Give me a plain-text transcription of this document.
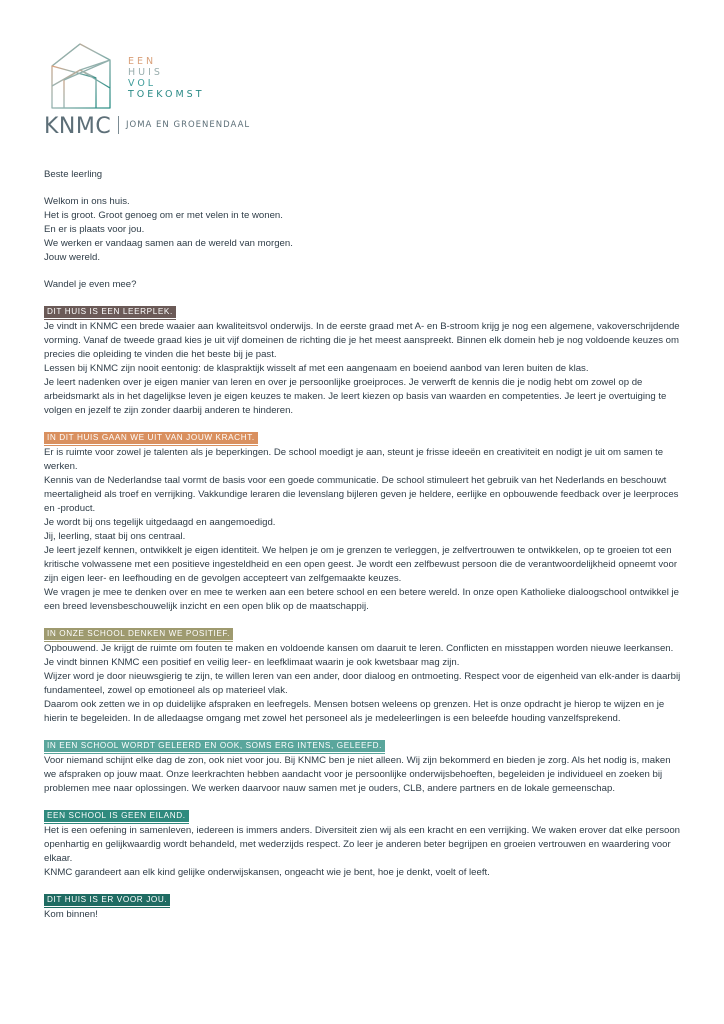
EEN
HUIS
VOL
TOEKOMST
KNMC JOMA EN GROENENDAAL

Beste leerling

Welkom in ons huis.

Het is groot. Groot genoeg om er met velen in te wonen.

En er is plaats voor jou.

We werken er vandaag samen aan de wereld van morgen.

Jouw wereld.

Wandel je even mee?

DIT HUIS IS EEN LEERPLEK.

Je vindt in KNMC een brede waaier aan kwaliteitsvol onderwijs. In de eerste graad met A- en B-stroom krijg je nog een algemene, vakoverschrijdende vorming. Vanaf de tweede graad kies je uit vijf domeinen de richting die je het meest aanspreekt. Binnen elk domein heb je nog voldoende keuzes om precies die opleiding te vinden die het beste bij je past.

Lessen bij KNMC zijn nooit eentonig: de klaspraktijk wisselt af met een aangenaam en boeiend aanbod van leren buiten de klas.

Je leert nadenken over je eigen manier van leren en over je persoonlijke groeiproces. Je verwerft de kennis die je nodig hebt om zowel op de arbeidsmarkt als in het dagelijkse leven je eigen keuzes te maken. Je leert kiezen op basis van waarden en competenties. Je leert je overtuiging te volgen en jezelf te zijn zonder daarbij anderen te hinderen.

IN DIT HUIS GAAN WE UIT VAN JOUW KRACHT.

Er is ruimte voor zowel je talenten als je beperkingen. De school moedigt je aan, steunt je frisse ideeën en creativiteit en nodigt je uit om samen te werken.

Kennis van de Nederlandse taal vormt de basis voor een goede communicatie. De school stimuleert het gebruik van het Nederlands en beschouwt meertaligheid als troef en verrijking. Vakkundige leraren die levenslang bijleren geven je heldere, eerlijke en opbouwende feedback over je leerproces en -product.

Je wordt bij ons tegelijk uitgedaagd en aangemoedigd.

Jij, leerling, staat bij ons centraal.

Je leert jezelf kennen, ontwikkelt je eigen identiteit. We helpen je om je grenzen te verleggen, je zelfvertrouwen te ontwikkelen, op te groeien tot een kritische volwassene met een positieve ingesteldheid en een open geest. Je wordt een zelfbewust persoon die de verantwoordelijkheid opneemt voor zijn eigen leer- en leefhouding en de gevolgen accepteert van zelfgemaakte keuzes.

We vragen je mee te denken over en mee te werken aan een betere school en een betere wereld. In onze open Katholieke dialoogschool ontwikkel je een breed levensbeschouwelijk inzicht en een open blik op de maatschappij.

IN ONZE SCHOOL DENKEN WE POSITIEF.

Opbouwend. Je krijgt de ruimte om fouten te maken en voldoende kansen om daaruit te leren. Conflicten en misstappen worden nieuwe leerkansen. Je vindt binnen KNMC een positief en veilig leer- en leefklimaat waarin je ook kwetsbaar mag zijn.

Wijzer word je door nieuwsgierig te zijn, te willen leren van een ander, door dialoog en ontmoeting. Respect voor de eigenheid van elk-ander is daarbij fundamenteel, zowel op emotioneel als op materieel vlak.

Daarom ook zetten we in op duidelijke afspraken en leefregels. Mensen botsen weleens op grenzen. Het is onze opdracht je hierop te wijzen en je hierin te begeleiden. In de alledaagse omgang met zowel het personeel als je medeleerlingen is een beleefde houding vanzelfsprekend.

IN EEN SCHOOL WORDT GELEERD EN OOK, SOMS ERG INTENS, GELEEFD.

Voor niemand schijnt elke dag de zon, ook niet voor jou. Bij KNMC ben je niet alleen. Wij zijn bekommerd en bieden je zorg. Als het nodig is, maken we afspraken op jouw maat. Onze leerkrachten hebben aandacht voor je persoonlijke onderwijsbehoeften, begeleiden je individueel en zoeken bij problemen mee naar oplossingen. We werken daarvoor nauw samen met je ouders, CLB, andere partners en de lokale gemeenschap.

EEN SCHOOL IS GEEN EILAND.

Het is een oefening in samenleven, iedereen is immers anders. Diversiteit zien wij als een kracht en een verrijking. We waken erover dat elke persoon openhartig en gelijkwaardig wordt behandeld, met wederzijds respect. Zo leer je anderen beter begrijpen en groeien vertrouwen en waardering voor elkaar.

KNMC garandeert aan elk kind gelijke onderwijskansen, ongeacht wie je bent, hoe je denkt, voelt of leeft.

DIT HUIS IS ER VOOR JOU.

Kom binnen!
